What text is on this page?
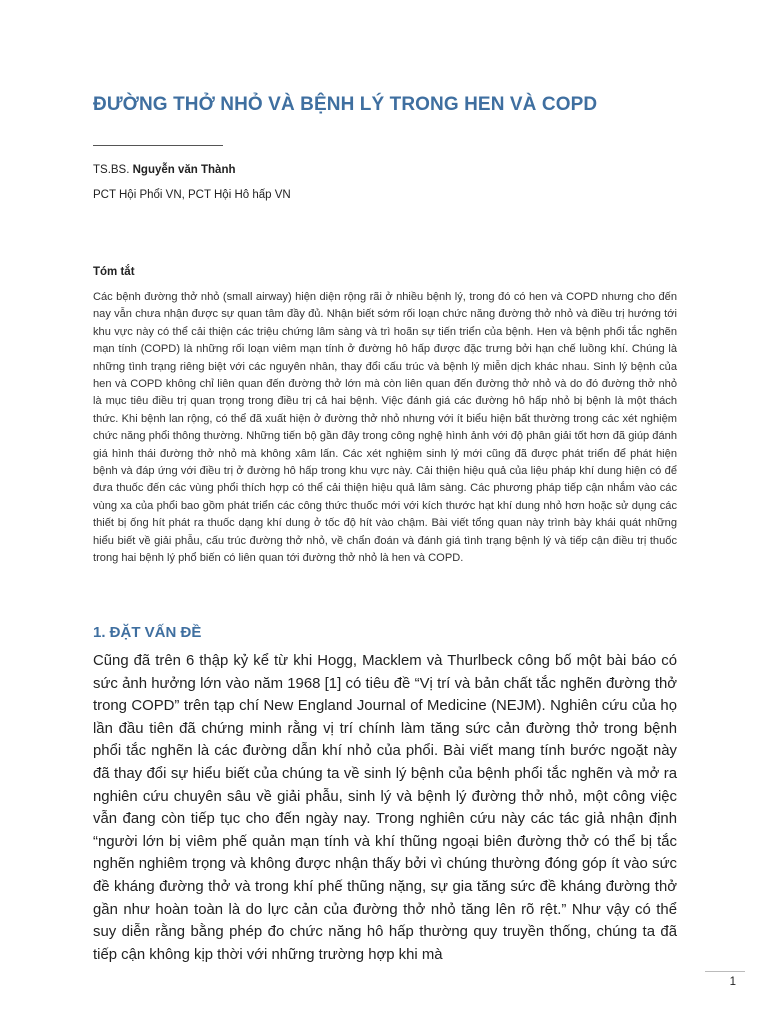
ĐƯỜNG THỞ NHỎ VÀ BỆNH LÝ TRONG HEN VÀ COPD
TS.BS. Nguyễn văn Thành
PCT Hội Phổi VN, PCT Hội Hô hấp VN
Tóm tắt

Các bệnh đường thở nhỏ (small airway) hiện diện rộng rãi ở nhiều bệnh lý, trong đó có hen và COPD nhưng cho đến nay vẫn chưa nhận được sự quan tâm đầy đủ. Nhận biết sớm rối loạn chức năng đường thở nhỏ và điều trị hướng tới khu vực này có thể cải thiện các triệu chứng lâm sàng và trì hoãn sự tiến triển của bệnh. Hen và bệnh phổi tắc nghẽn mạn tính (COPD) là những rối loạn viêm mạn tính ở đường hô hấp được đặc trưng bởi hạn chế luồng khí. Chúng là những tình trạng riêng biệt với các nguyên nhân, thay đổi cấu trúc và bệnh lý miễn dịch khác nhau. Sinh lý bệnh của hen và COPD không chỉ liên quan đến đường thở lớn mà còn liên quan đến đường thở nhỏ và do đó đường thở nhỏ là mục tiêu điều trị quan trọng trong điều trị cả hai bệnh. Việc đánh giá các đường hô hấp nhỏ bị bệnh là một thách thức. Khi bệnh lan rộng, có thể đã xuất hiện ở đường thở nhỏ nhưng với ít biểu hiện bất thường trong các xét nghiệm chức năng phổi thông thường. Những tiến bộ gần đây trong công nghệ hình ảnh với độ phân giải tốt hơn đã giúp đánh giá hình thái đường thở nhỏ mà không xâm lấn. Các xét nghiệm sinh lý mới cũng đã được phát triển để phát hiện bệnh và đáp ứng với điều trị ở đường hô hấp trong khu vực này. Cải thiện hiệu quả của liệu pháp khí dung hiện có để đưa thuốc đến các vùng phổi thích hợp có thể cải thiện hiệu quả lâm sàng. Các phương pháp tiếp cận nhắm vào các vùng xa của phổi bao gồm phát triển các công thức thuốc mới với kích thước hạt khí dung nhỏ hơn hoặc sử dụng các thiết bị ống hít phát ra thuốc dạng khí dung ở tốc độ hít vào chậm. Bài viết tổng quan này trình bày khái quát những hiểu biết về giải phẫu, cấu trúc đường thở nhỏ, về chẩn đoán và đánh giá tình trạng bệnh lý và tiếp cận điều trị thuốc trong hai bệnh lý phổ biến có liên quan tới đường thở nhỏ là hen và COPD.

1. ĐẶT VẤN ĐỀ

Cũng đã trên 6 thập kỷ kể từ khi Hogg, Macklem và Thurlbeck công bố một bài báo có sức ảnh hưởng lớn vào năm 1968 [1] có tiêu đề “Vị trí và bản chất tắc nghẽn đường thở trong COPD” trên tạp chí New England Journal of Medicine (NEJM). Nghiên cứu của họ lần đầu tiên đã chứng minh rằng vị trí chính làm tăng sức cản đường thở trong bệnh phổi tắc nghẽn là các đường dẫn khí nhỏ của phổi. Bài viết mang tính bước ngoặt này đã thay đổi sự hiểu biết của chúng ta về sinh lý bệnh của bệnh phổi tắc nghẽn và mở ra nghiên cứu chuyên sâu về giải phẫu, sinh lý và bệnh lý đường thở nhỏ, một công việc vẫn đang còn tiếp tục cho đến ngày nay. Trong nghiên cứu này các tác giả nhận định “người lớn bị viêm phế quản mạn tính và khí thũng ngoại biên đường thở có thể bị tắc nghẽn nghiêm trọng và không được nhận thấy bởi vì chúng thường đóng góp ít vào sức đề kháng đường thở và trong khí phế thũng nặng, sự gia tăng sức đề kháng đường thở gần như hoàn toàn là do lực cản của đường thở nhỏ tăng lên rõ rệt.” Như vậy có thể suy diễn rằng bằng phép đo chức năng hô hấp thường quy truyền thống, chúng ta đã tiếp cận không kịp thời với những trường hợp khi mà

1
